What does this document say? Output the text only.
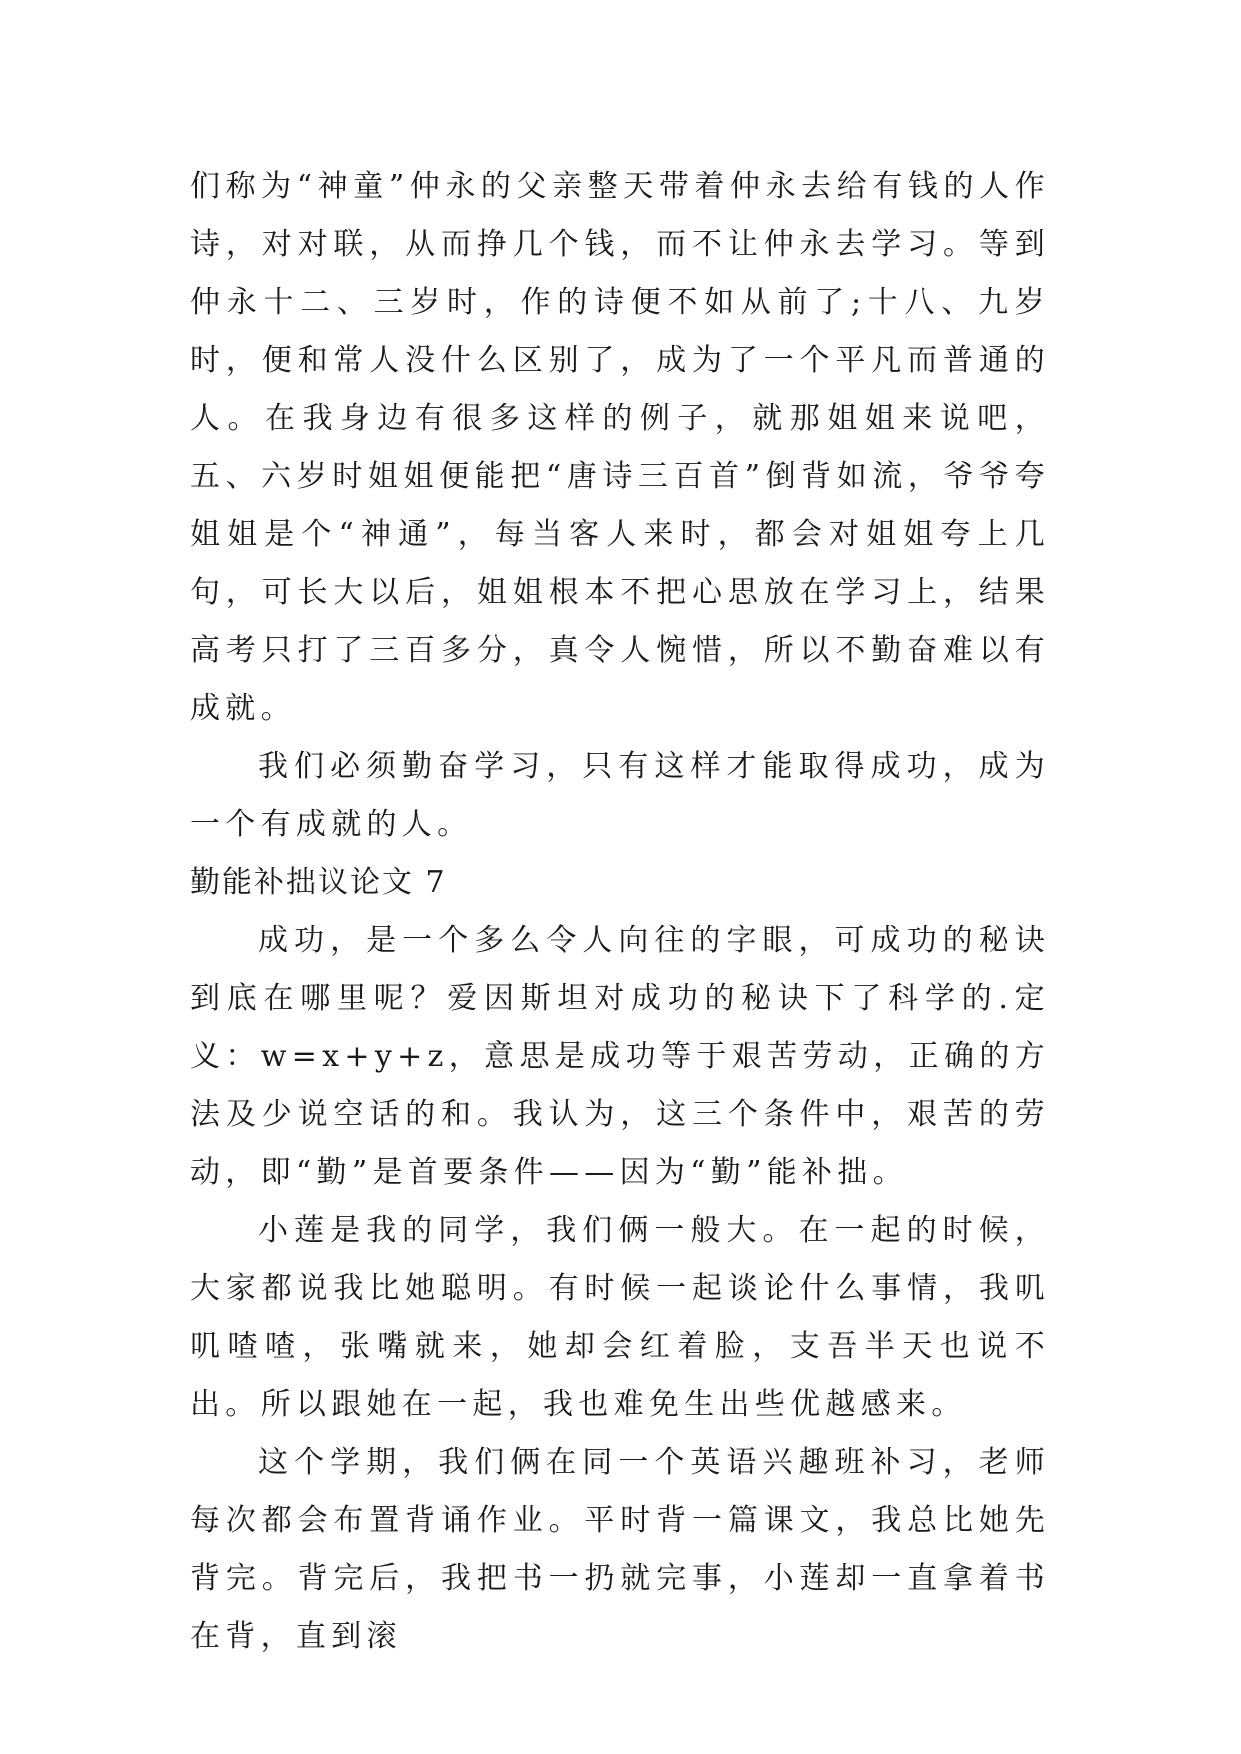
们称为“神童”仲永的父亲整天带着仲永去给有钱的人作诗，对对联，从而挣几个钱，而不让仲永去学习。等到仲永十二、三岁时，作的诗便不如从前了;十八、九岁时，便和常人没什么区别了，成为了一个平凡而普通的人。在我身边有很多这样的例子，就那姐姐来说吧，五、六岁时姐姐便能把“唐诗三百首”倒背如流，爷爷夸姐姐是个“神通”，每当客人来时，都会对姐姐夸上几句，可长大以后，姐姐根本不把心思放在学习上，结果高考只打了三百多分，真令人惋惜，所以不勤奋难以有成就。

我们必须勤奋学习，只有这样才能取得成功，成为一个有成就的人。

勤能补拙议论文 7

成功，是一个多么令人向往的字眼，可成功的秘诀到底在哪里呢？爱因斯坦对成功的秘诀下了科学的.定义：w=x+y+z，意思是成功等于艰苦劳动，正确的方法及少说空话的和。我认为，这三个条件中，艰苦的劳动，即“勤”是首要条件——因为“勤”能补拙。

小莲是我的同学，我们俩一般大。在一起的时候，大家都说我比她聪明。有时候一起谈论什么事情，我叽叽喳喳，张嘴就来，她却会红着脸，支吾半天也说不出。所以跟她在一起，我也难免生出些优越感来。

这个学期，我们俩在同一个英语兴趣班补习，老师每次都会布置背诵作业。平时背一篇课文，我总比她先背完。背完后，我把书一扔就完事，小莲却一直拿着书在背，直到滚
